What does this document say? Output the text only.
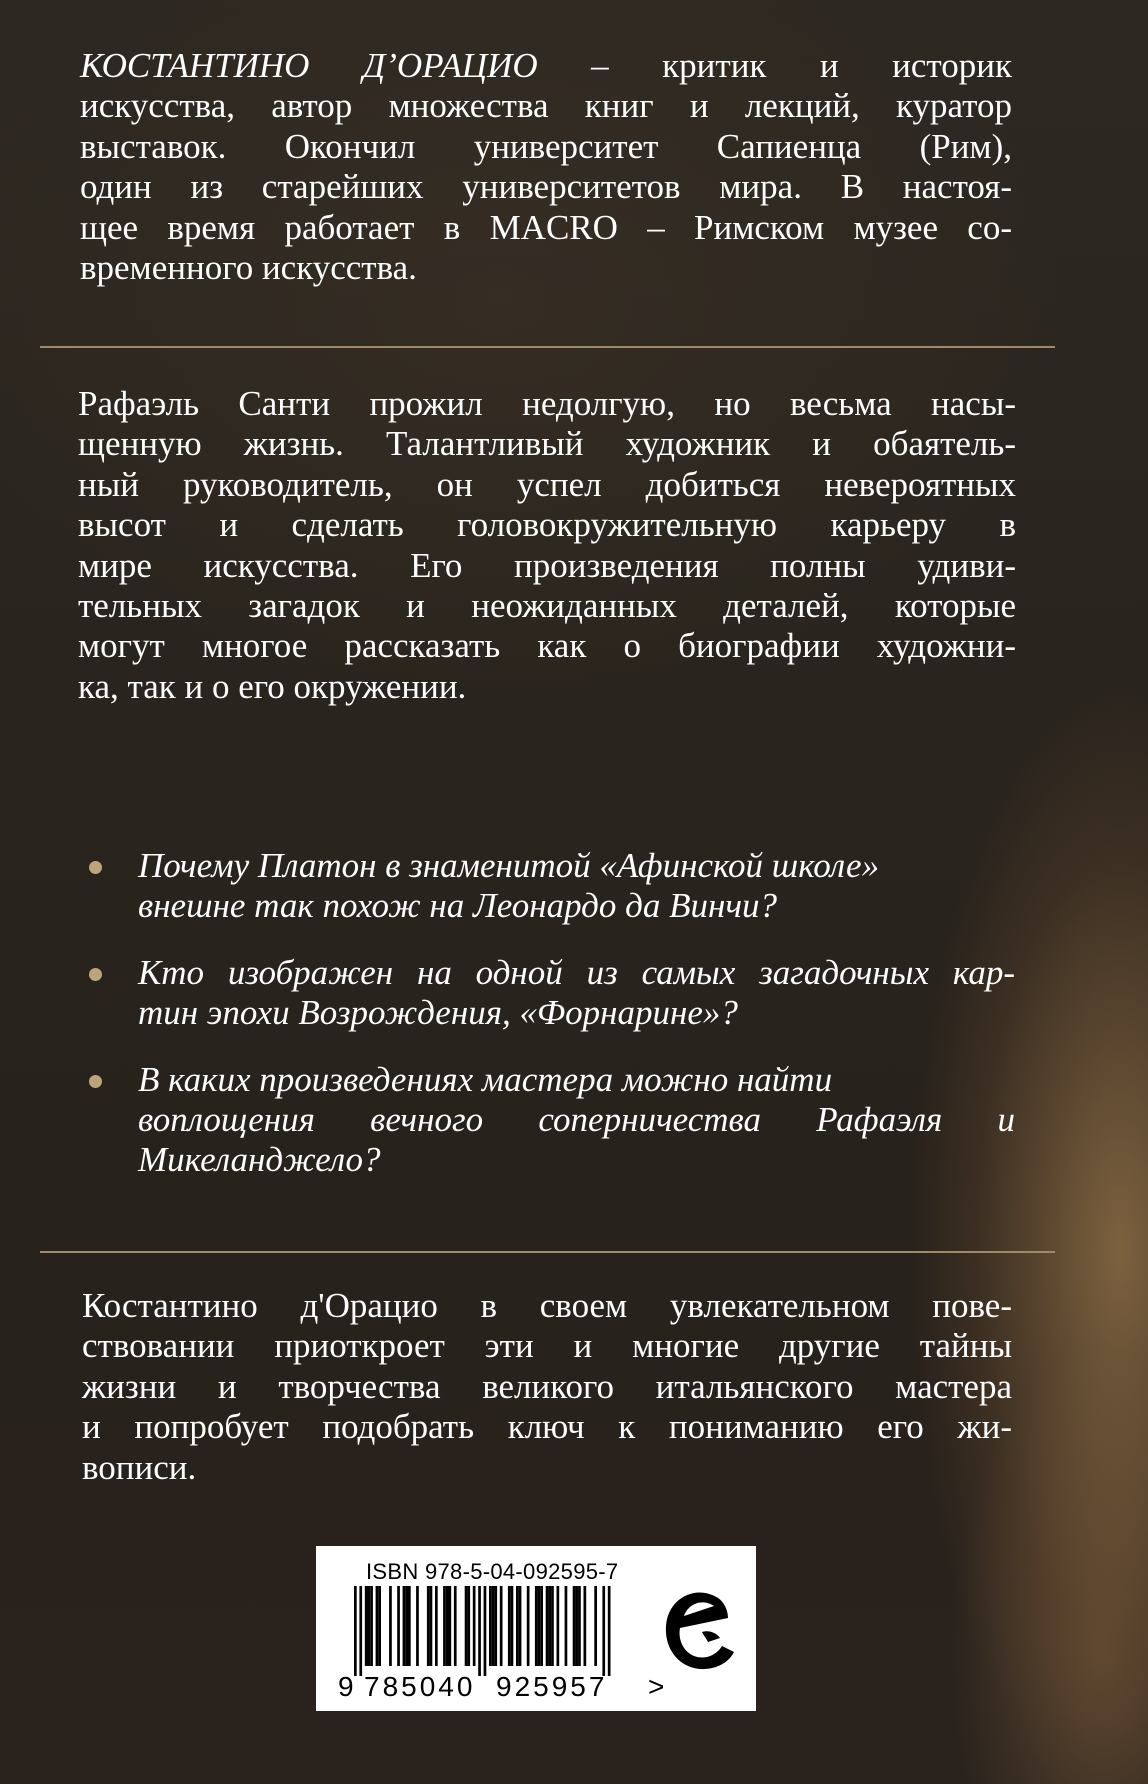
КОСТАНТИНО Д’ОРАЦИО – критик и историк
искусства, автор множества книг и лекций, куратор
выставок. Окончил университет Сапиенца (Рим),
один из старейших университетов мира. В настоя-
щее время работает в MACRO – Римском музее со-
временного искусства.
Рафаэль Санти прожил недолгую, но весьма насы-
щенную жизнь. Талантливый художник и обаятель-
ный руководитель, он успел добиться невероятных
высот и сделать головокружительную карьеру в
мире искусства. Его произведения полны удиви-
тельных загадок и неожиданных деталей, которые
могут многое рассказать как о биографии художни-
ка, так и о его окружении.
Почему Платон в знаменитой «Афинской школе»
внешне так похож на Леонардо да Винчи?
Кто изображен на одной из самых загадочных кар-
тин эпохи Возрождения, «Форнарине»?
В каких произведениях мастера можно найти
воплощения вечного соперничества Рафаэля и
Микеланджело?
Костантино д'Орацио в своем увлекательном пове-
ствовании приоткроет эти и многие другие тайны
жизни и творчества великого итальянского мастера
и попробует подобрать ключ к пониманию его жи-
вописи.
ISBN 978-5-04-092595-7
9 785040 925957 >
